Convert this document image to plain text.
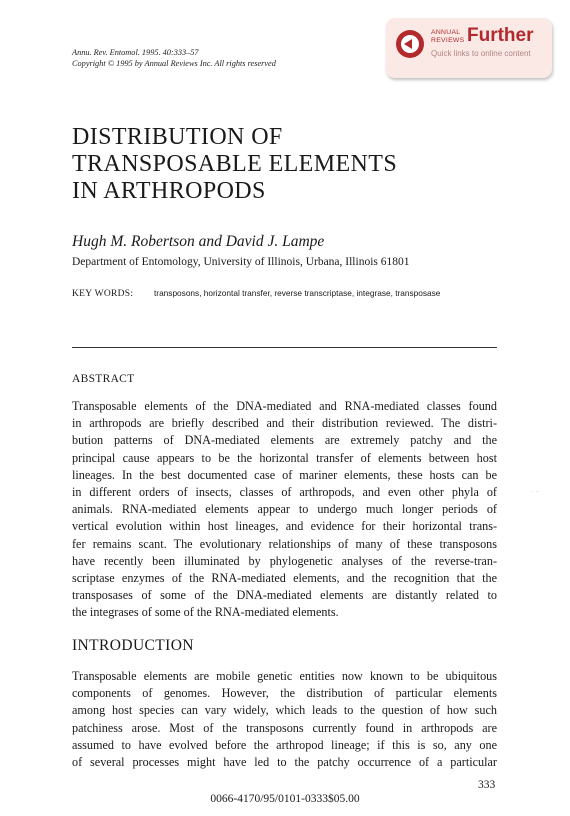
Annu. Rev. Entomol. 1995. 40:333–57
Copyright © 1995 by Annual Reviews Inc. All rights reserved
ANNUAL
REVIEWS Further
Quick links to online content
DISTRIBUTION OF
TRANSPOSABLE ELEMENTS
IN ARTHROPODS
Hugh M. Robertson and David J. Lampe
Department of Entomology, University of Illinois, Urbana, Illinois 61801
KEY WORDS: transposons, horizontal transfer, reverse transcriptase, integrase, transposase
ABSTRACT
Transposable elements of the DNA-mediated and RNA-mediated classes found
in arthropods are briefly described and their distribution reviewed. The distri-
bution patterns of DNA-mediated elements are extremely patchy and the
principal cause appears to be the horizontal transfer of elements between host
lineages. In the best documented case of mariner elements, these hosts can be
in different orders of insects, classes of arthropods, and even other phyla of
animals. RNA-mediated elements appear to undergo much longer periods of
vertical evolution within host lineages, and evidence for their horizontal trans-
fer remains scant. The evolutionary relationships of many of these transposons
have recently been illuminated by phylogenetic analyses of the reverse-tran-
scriptase enzymes of the RNA-mediated elements, and the recognition that the
transposases of some of the DNA-mediated elements are distantly related to
the integrases of some of the RNA-mediated elements.
INTRODUCTION
Transposable elements are mobile genetic entities now known to be ubiquitous
components of genomes. However, the distribution of particular elements
among host species can vary widely, which leads to the question of how such
patchiness arose. Most of the transposons currently found in arthropods are
assumed to have evolved before the arthropod lineage; if this is so, any one
of several processes might have led to the patchy occurrence of a particular
333
0066-4170/95/0101-0333$05.00
· -
